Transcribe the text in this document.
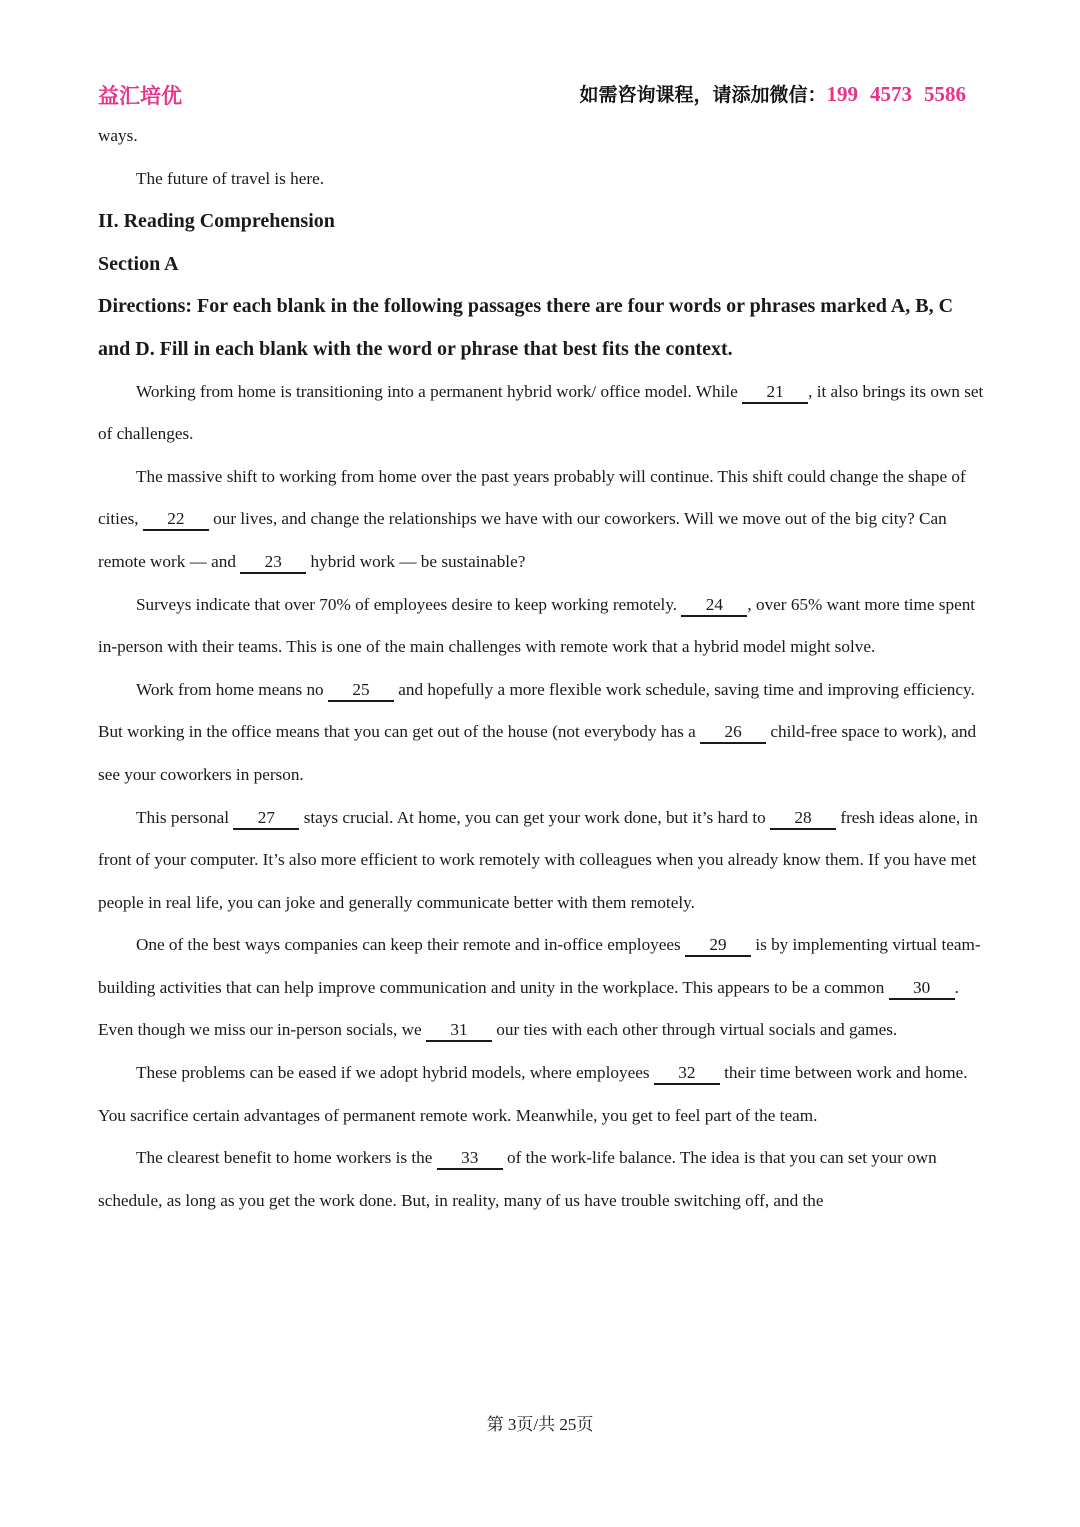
益汇培优	如需咨询课程，请添加微信：199 4573 5586

ways.

The future of travel is here.

II. Reading Comprehension

Section A

Directions: For each blank in the following passages there are four words or phrases marked A, B, C and D. Fill in each blank with the word or phrase that best fits the context.

Working from home is transitioning into a permanent hybrid work/ office model. While 21 , it also brings its own set of challenges.

The massive shift to working from home over the past years probably will continue. This shift could change the shape of cities, 22 our lives, and change the relationships we have with our coworkers. Will we move out of the big city? Can remote work — and 23 hybrid work — be sustainable?

Surveys indicate that over 70% of employees desire to keep working remotely. 24 , over 65% want more time spent in-person with their teams. This is one of the main challenges with remote work that a hybrid model might solve.

Work from home means no 25 and hopefully a more flexible work schedule, saving time and improving efficiency. But working in the office means that you can get out of the house (not everybody has a 26 child-free space to work), and see your coworkers in person.

This personal 27 stays crucial. At home, you can get your work done, but it’s hard to 28 fresh ideas alone, in front of your computer. It’s also more efficient to work remotely with colleagues when you already know them. If you have met people in real life, you can joke and generally communicate better with them remotely.

One of the best ways companies can keep their remote and in-office employees 29 is by implementing virtual team-building activities that can help improve communication and unity in the workplace. This appears to be a common 30 . Even though we miss our in-person socials, we 31 our ties with each other through virtual socials and games.

These problems can be eased if we adopt hybrid models, where employees 32 their time between work and home. You sacrifice certain advantages of permanent remote work. Meanwhile, you get to feel part of the team.

The clearest benefit to home workers is the 33 of the work-life balance. The idea is that you can set your own schedule, as long as you get the work done. But, in reality, many of us have trouble switching off, and the

第 3页/共 25页
